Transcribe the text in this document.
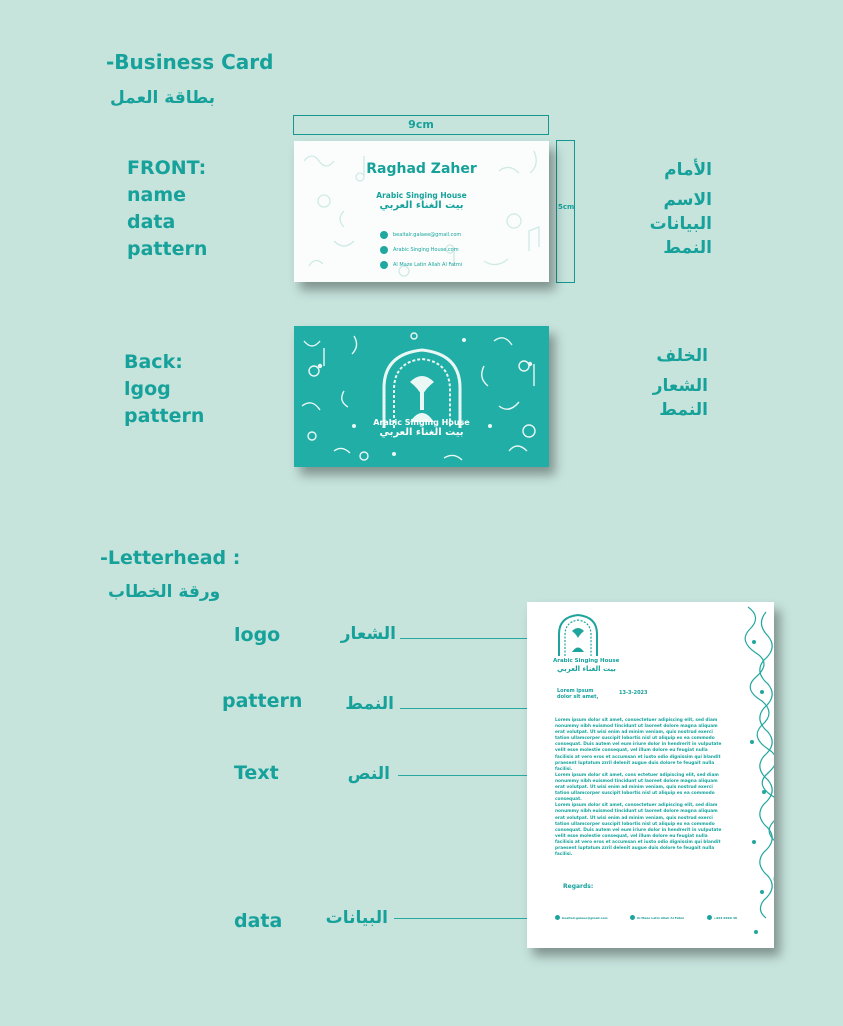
-Business Card
بطاقة العمل
FRONT:
name
data
pattern
الأمام
الاسم
البيانات
النمط
9cm
5cm
Raghad Zaher
Arabic Singing House
بيت الغناء العربي
beaitalr.galaee@gmail.com
Arabic Singing House.com
Al Maze Latin Allah Al Fatmi
Back:
lgog
pattern
الخلف
الشعار
النمط
Arabic Singing House
بيت الغناء العربي
-Letterhead :
ورقة الخطاب
logo	الشعار
pattern	النمط
Text	النص
data	البيانات
Arabic Singing House
بيت الغناء العربي
Lorem ipsum
dolor sit amet,
13-3-2023
Lorem ipsum dolor sit amet, consectetuer adipiscing elit, sed diam nonummy nibh euismod tincidunt ut laoreet dolore magna aliquam erat volutpat. Ut wisi enim ad minim veniam, quis nostrud exerci tation ullamcorper suscipit lobortis nisl ut aliquip ex ea commodo consequat. Duis autem vel eum iriure dolor in hendrerit in vulputate velit esse molestie consequat, vel illum dolore eu feugiat nulla facilisis at vero eros et accumsan et iusto odio dignissim qui blandit praesent luptatum zzril delenit augue duis dolore te feugait nulla facilisi.
Lorem ipsum dolor sit amet, cons ectetuer adipiscing elit, sed diam nonummy nibh euismod tincidunt ut laoreet dolore magna aliquam erat volutpat. Ut wisi enim ad minim veniam, quis nostrud exerci tation ullamcorper suscipit lobortis nisl ut aliquip ex ea commodo consequat.
Lorem ipsum dolor sit amet, consectetuer adipiscing elit, sed diam nonummy nibh euismod tincidunt ut laoreet dolore magna aliquam erat volutpat. Ut wisi enim ad minim veniam, quis nostrud exerci tation ullamcorper suscipit lobortis nisl ut aliquip ex ea commodo consequat. Duis autem vel eum iriure dolor in hendrerit in vulputate velit esse molestie consequat, vel illum dolore eu feugiat nulla facilisis at vero eros et accumsan et iusto odio dignissim qui blandit praesent luptatum zzril delenit augue duis dolore te feugait nulla facilisi.
Regards:
beaitalr.galaee@gmail.com	Al Maze Latin Allah Al Fatmi	+963 0999 48
